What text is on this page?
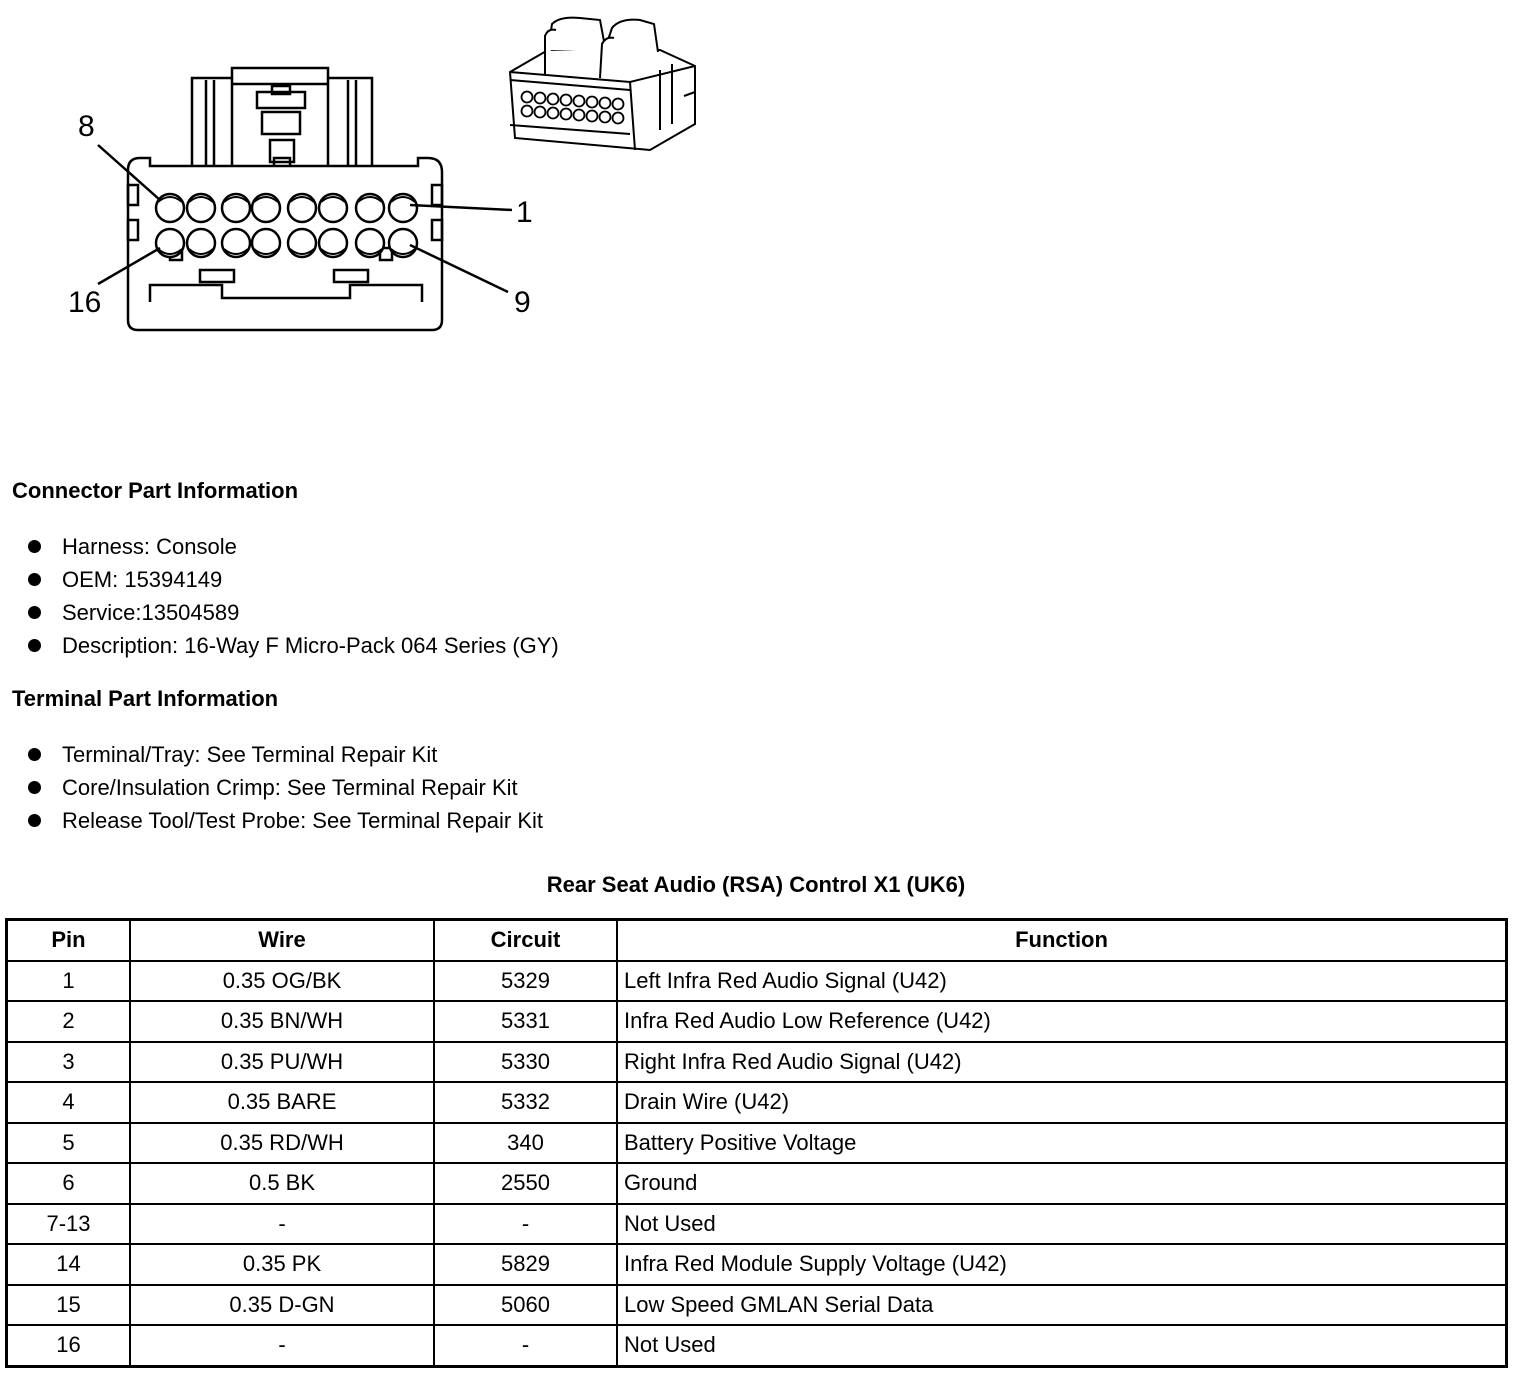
8
1
16	9
Connector Part Information
Harness: Console
OEM: 15394149
Service:13504589
Description: 16-Way F Micro-Pack 064 Series (GY)
Terminal Part Information
Terminal/Tray: See Terminal Repair Kit
Core/Insulation Crimp: See Terminal Repair Kit
Release Tool/Test Probe: See Terminal Repair Kit
Rear Seat Audio (RSA) Control X1 (UK6)
Pin	Wire	Circuit	Function
1	0.35 OG/BK	5329	Left Infra Red Audio Signal (U42)
2	0.35 BN/WH	5331	Infra Red Audio Low Reference (U42)
3	0.35 PU/WH	5330	Right Infra Red Audio Signal (U42)
4	0.35 BARE	5332	Drain Wire (U42)
5	0.35 RD/WH	340	Battery Positive Voltage
6	0.5 BK	2550	Ground
7-13	-	-	Not Used
14	0.35 PK	5829	Infra Red Module Supply Voltage (U42)
15	0.35 D-GN	5060	Low Speed GMLAN Serial Data
16	-	-	Not Used
